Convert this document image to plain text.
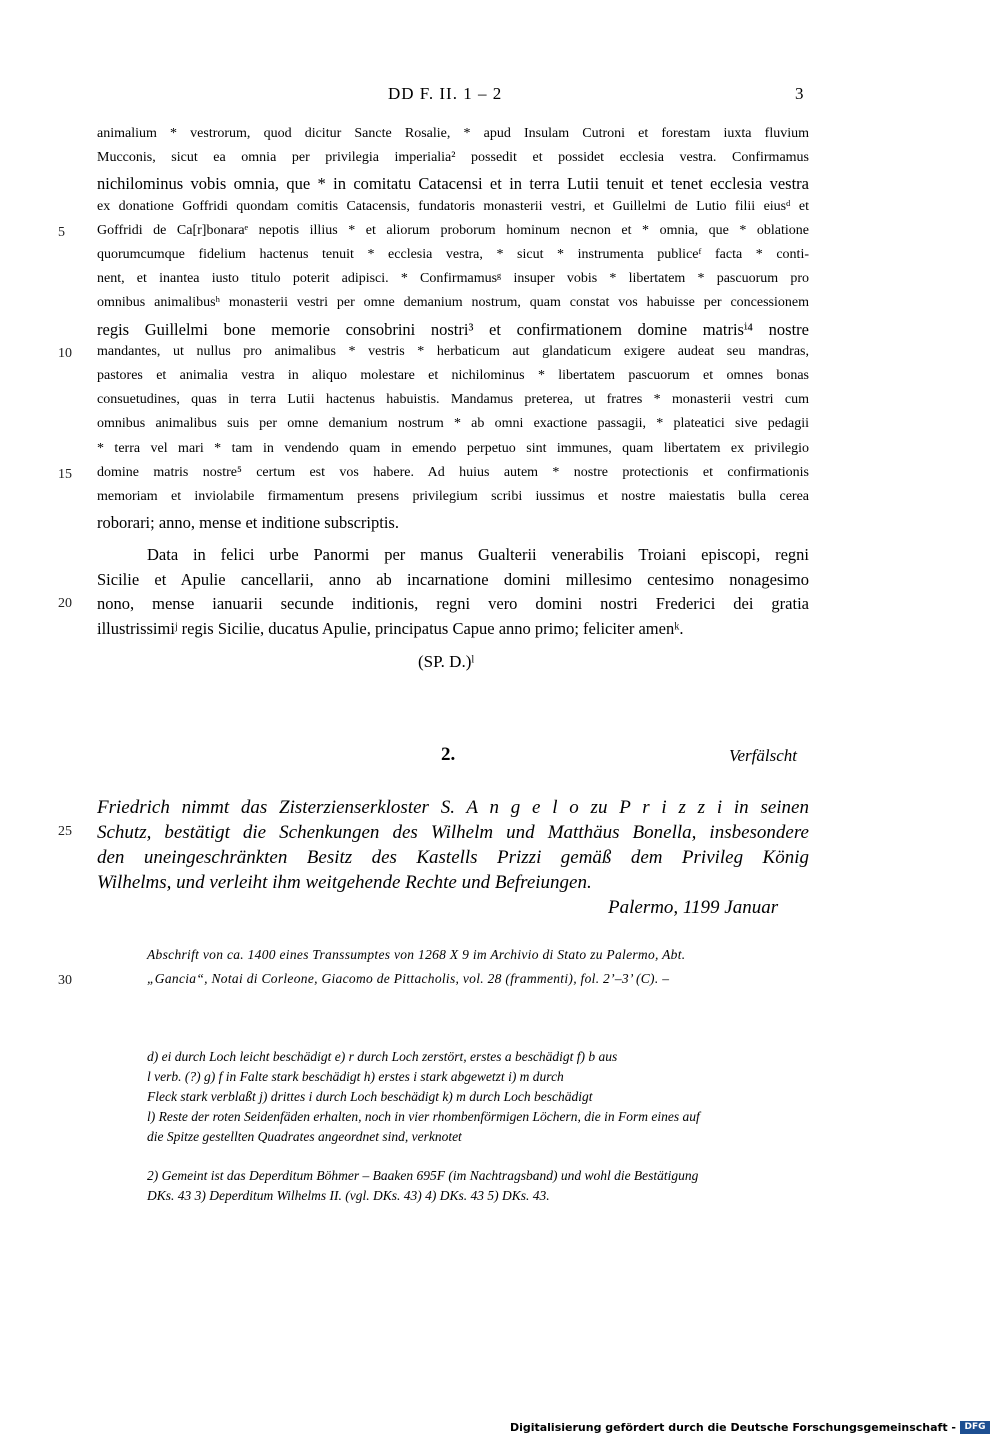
DD F. II. 1 – 2	3
animalium * vestrorum, quod dicitur Sancte Rosalie, * apud Insulam Cutroni et forestam iuxta fluvium
Mucconis, sicut ea omnia per privilegia imperialia² possedit et possidet ecclesia vestra. Confirmamus
nichilominus vobis omnia, que * in comitatu Catacensi et in terra Lutii tenuit et tenet ecclesia vestra
ex donatione Goffridi quondam comitis Catacensis, fundatoris monasterii vestri, et Guillelmi de Lutio filii eiusᵈ et
Goffridi de Ca[r]bonaraᵉ nepotis illius * et aliorum proborum hominum necnon et * omnia, que * oblatione
5
quorumcumque fidelium hactenus tenuit * ecclesia vestra, * sicut * instrumenta publiceᶠ facta * conti-
nent, et inantea iusto titulo poterit adipisci. * Confirmamusᵍ insuper vobis * libertatem * pascuorum pro
omnibus animalibusʰ monasterii vestri per omne demanium nostrum, quam constat vos habuisse per concessionem
regis Guillelmi bone memorie consobrini nostri³ et confirmationem domine matrisⁱ⁴ nostre
mandantes, ut nullus pro animalibus * vestris * herbaticum aut glandaticum exigere audeat seu mandras,
10
pastores et animalia vestra in aliquo molestare et nichilominus * libertatem pascuorum et omnes bonas
consuetudines, quas in terra Lutii hactenus habuistis. Mandamus preterea, ut fratres * monasterii vestri cum
omnibus animalibus suis per omne demanium nostrum * ab omni exactione passagii, * plateatici sive pedagii
* terra vel mari * tam in vendendo quam in emendo perpetuo sint immunes, quam libertatem ex privilegio
domine matris nostre⁵ certum est vos habere. Ad huius autem * nostre protectionis et confirmationis
15
memoriam et inviolabile firmamentum presens privilegium scribi iussimus et nostre maiestatis bulla cerea
roborari; anno, mense et inditione subscriptis.
Data in felici urbe Panormi per manus Gualterii venerabilis Troiani episcopi, regni
Sicilie et Apulie cancellarii, anno ab incarnatione domini millesimo centesimo nonagesimo
nono, mense ianuarii secunde inditionis, regni vero domini nostri Frederici dei gratia
20
illustrissimiʲ regis Sicilie, ducatus Apulie, principatus Capue anno primo; feliciter amenᵏ.
(SP. D.)ˡ
2.	Verfälscht
Friedrich nimmt das Zisterzienserkloster S. A n g e l o zu P r i z z i in seinen
Schutz, bestätigt die Schenkungen des Wilhelm und Matthäus Bonella, insbesondere
25
den uneingeschränkten Besitz des Kastells Prizzi gemäß dem Privileg König
Wilhelms, und verleiht ihm weitgehende Rechte und Befreiungen.
Palermo, 1199 Januar
Abschrift von ca. 1400 eines Transsumptes von 1268 X 9 im Archivio di Stato zu Palermo, Abt.
„Gancia“, Notai di Corleone, Giacomo de Pittacholis, vol. 28 (frammenti), fol. 2’–3’ (C). –
30
d) ei durch Loch leicht beschädigt e) r durch Loch zerstört, erstes a beschädigt f) b aus
l verb. (?) g) f in Falte stark beschädigt h) erstes i stark abgewetzt i) m durch
Fleck stark verblaßt j) drittes i durch Loch beschädigt k) m durch Loch beschädigt
l) Reste der roten Seidenfäden erhalten, noch in vier rhombenförmigen Löchern, die in Form eines auf
die Spitze gestellten Quadrates angeordnet sind, verknotet
2) Gemeint ist das Deperditum Böhmer – Baaken 695F (im Nachtragsband) und wohl die Bestätigung
DKs. 43 3) Deperditum Wilhelms II. (vgl. DKs. 43) 4) DKs. 43 5) DKs. 43.
Digitalisierung gefördert durch die Deutsche Forschungsgemeinschaft - DFG
